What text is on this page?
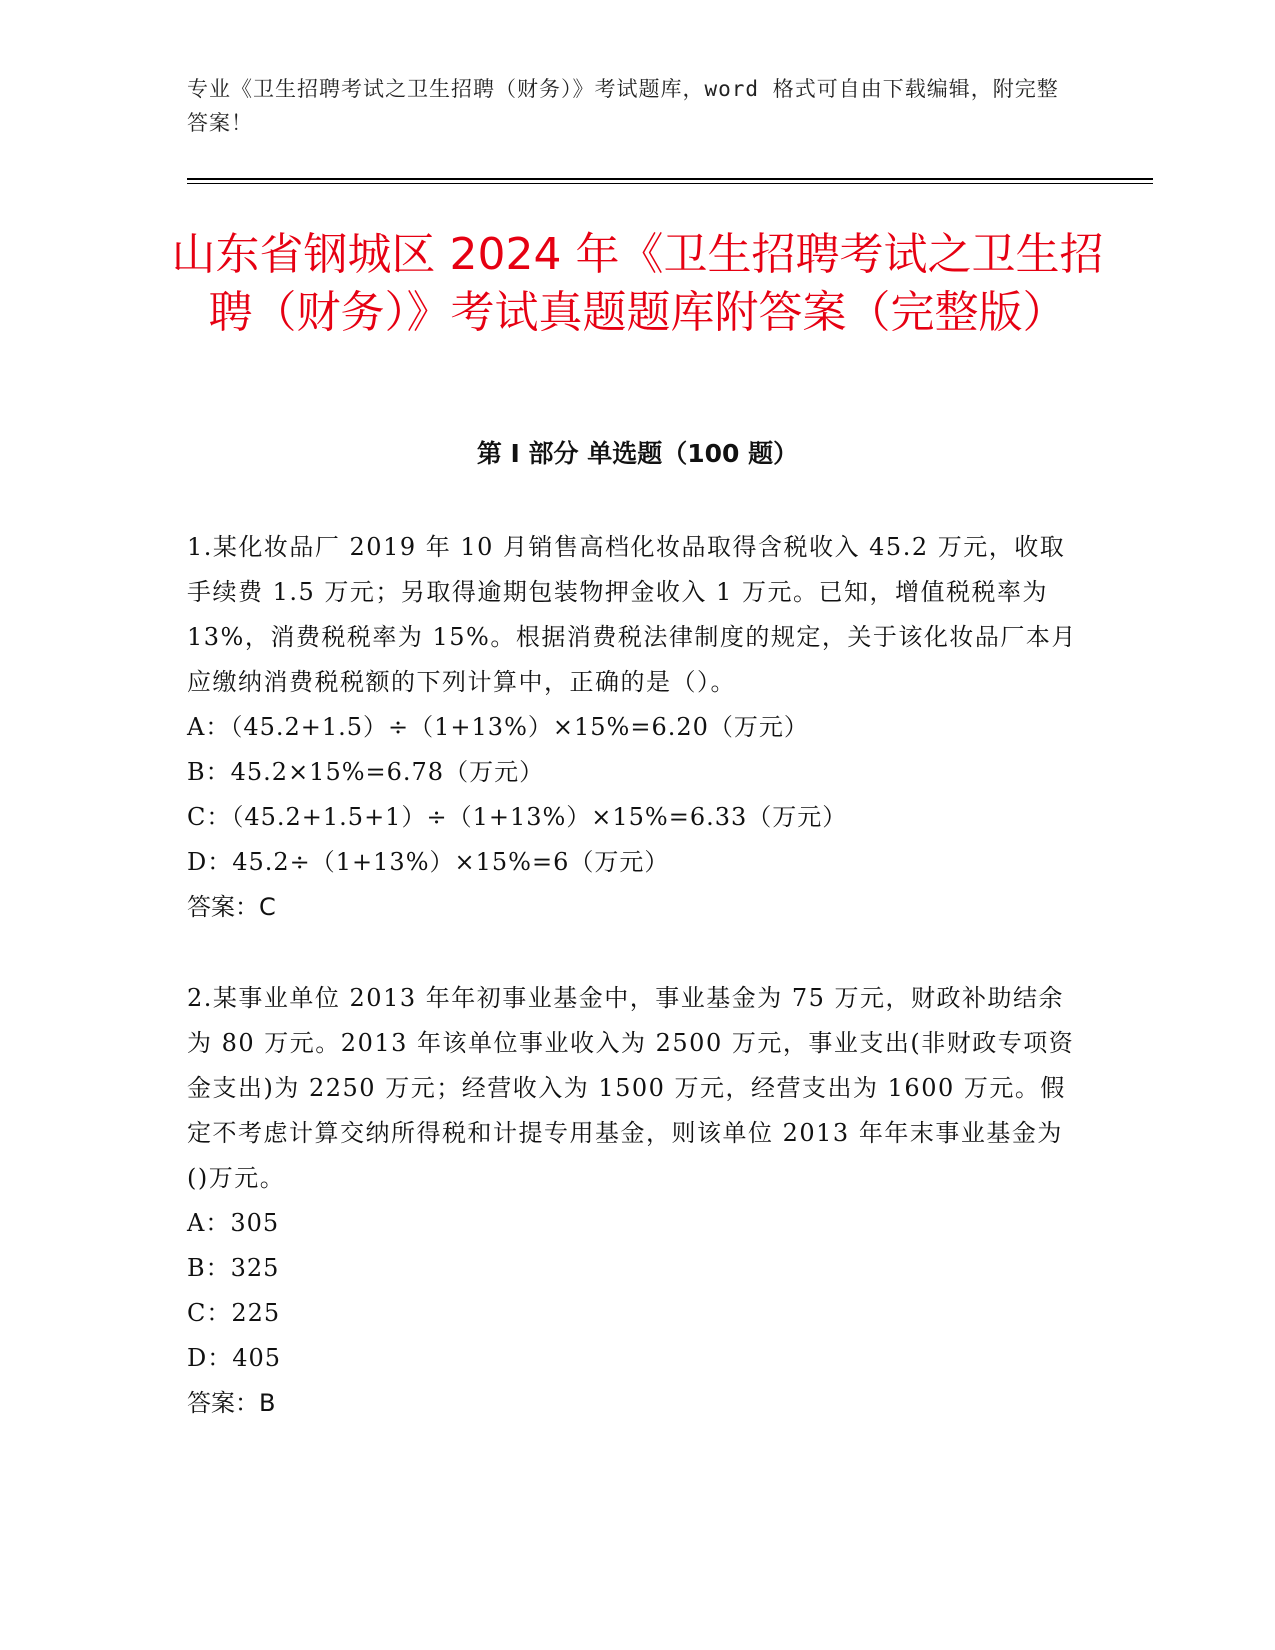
专业《卫生招聘考试之卫生招聘（财务）》考试题库，word 格式可自由下载编辑，附完整答案！
山东省钢城区 2024 年《卫生招聘考试之卫生招聘（财务）》考试真题题库附答案（完整版）
第 I 部分 单选题（100 题）

1.某化妆品厂 2019 年 10 月销售高档化妆品取得含税收入 45.2 万元，收取手续费 1.5 万元；另取得逾期包装物押金收入 1 万元。已知，增值税税率为 13%，消费税税率为 15%。根据消费税法律制度的规定，关于该化妆品厂本月应缴纳消费税税额的下列计算中，正确的是（）。

A：（45.2+1.5）÷（1+13%）×15%=6.20（万元）
B：45.2×15%=6.78（万元）
C：（45.2+1.5+1）÷（1+13%）×15%=6.33（万元）
D：45.2÷（1+13%）×15%=6（万元）

答案：C

2.某事业单位 2013 年年初事业基金中，事业基金为 75 万元，财政补助结余为 80 万元。2013 年该单位事业收入为 2500 万元，事业支出(非财政专项资金支出)为 2250 万元；经营收入为 1500 万元，经营支出为 1600 万元。假定不考虑计算交纳所得税和计提专用基金，则该单位 2013 年年末事业基金为()万元。

A：305
B：325
C：225
D：405

答案：B
